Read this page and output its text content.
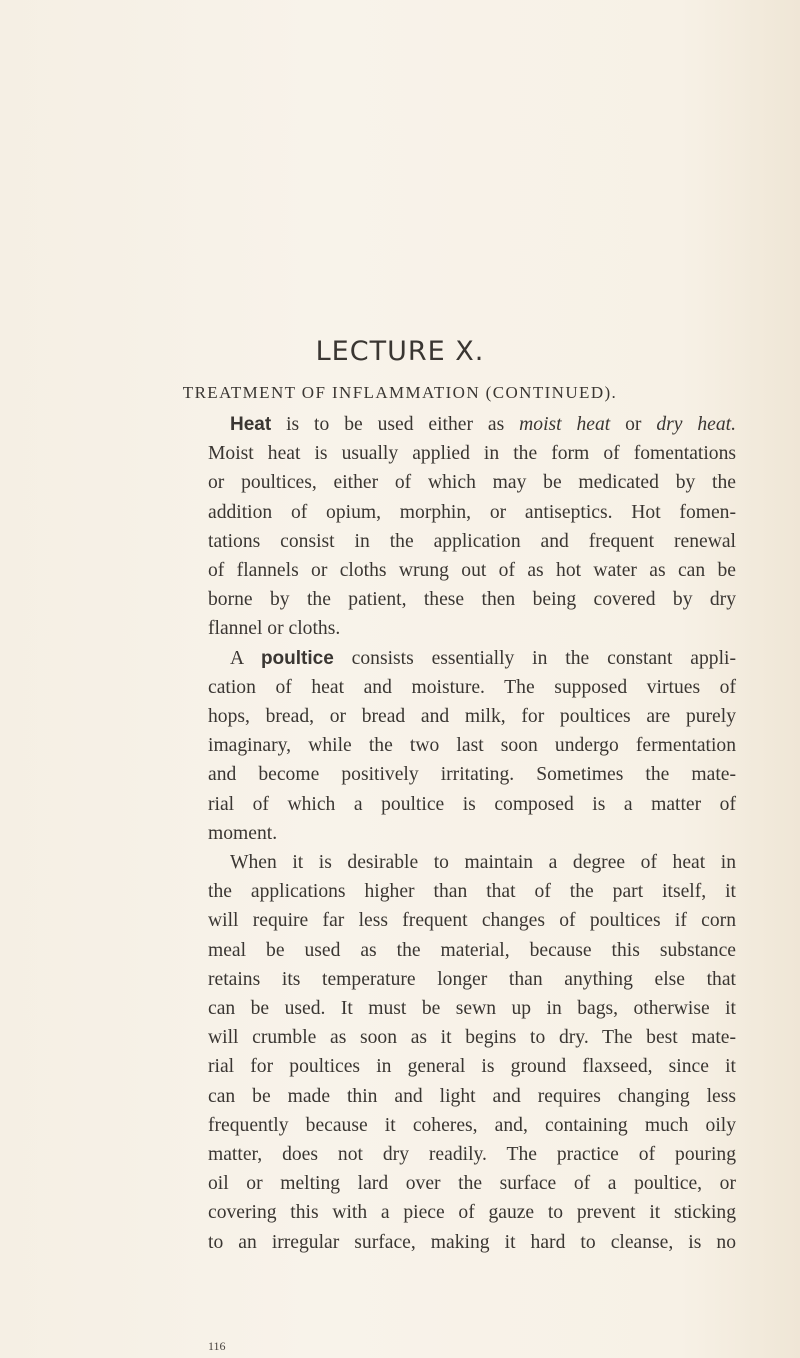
LECTURE X.
TREATMENT OF INFLAMMATION (CONTINUED).
Heat is to be used either as moist heat or dry heat.
Moist heat is usually applied in the form of fomentations
or poultices, either of which may be medicated by the
addition of opium, morphin, or antiseptics. Hot fomen-
tations consist in the application and frequent renewal
of flannels or cloths wrung out of as hot water as can be
borne by the patient, these then being covered by dry
flannel or cloths.
A poultice consists essentially in the constant appli-
cation of heat and moisture. The supposed virtues of
hops, bread, or bread and milk, for poultices are purely
imaginary, while the two last soon undergo fermentation
and become positively irritating. Sometimes the mate-
rial of which a poultice is composed is a matter of
moment.
When it is desirable to maintain a degree of heat in
the applications higher than that of the part itself, it
will require far less frequent changes of poultices if corn
meal be used as the material, because this substance
retains its temperature longer than anything else that
can be used. It must be sewn up in bags, otherwise it
will crumble as soon as it begins to dry. The best mate-
rial for poultices in general is ground flaxseed, since it
can be made thin and light and requires changing less
frequently because it coheres, and, containing much oily
matter, does not dry readily. The practice of pouring
oil or melting lard over the surface of a poultice, or
covering this with a piece of gauze to prevent it sticking
to an irregular surface, making it hard to cleanse, is no
116
